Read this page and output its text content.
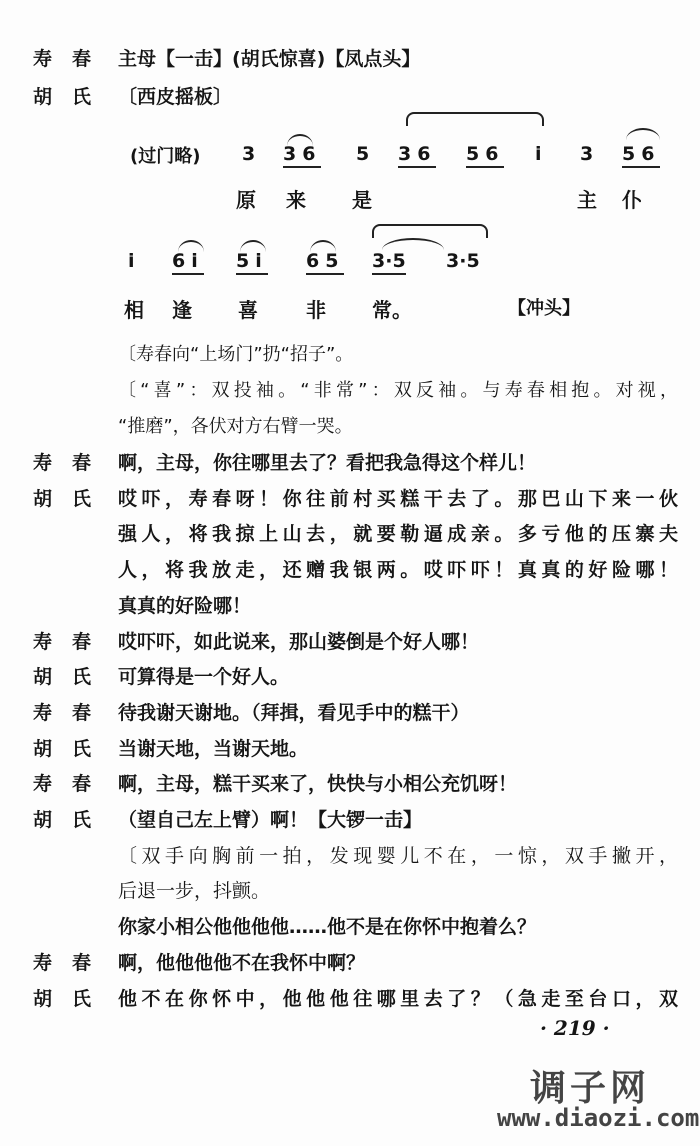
寿春 主母【一击】(胡氏惊喜)【凤点头】
胡氏 〔西皮摇板〕
(过门略) 3 36 5 36 56 i 3 56
原 来 是	主 仆
i 6i 5i 65 3·5 3·5
相 逢 喜 非 常。	【冲头】
〔寿春向“上场门”扔“招子”。
〔“喜”：双投袖。“非常”：双反袖。与寿春相抱。对视，
“推磨”，各伏对方右臂一哭。
寿春 啊，主母，你往哪里去了？看把我急得这个样儿！
胡氏 哎吓，寿春呀！你往前村买糕干去了。那巴山下来一伙
强人，将我掠上山去，就要勒逼成亲。多亏他的压寨夫
人，将我放走，还赠我银两。哎吓吓！真真的好险哪！
真真的好险哪！
寿春 哎吓吓，如此说来，那山婆倒是个好人哪！
胡氏 可算得是一个好人。
寿春 待我谢天谢地。（拜揖，看见手中的糕干）
胡氏 当谢天地，当谢天地。
寿春 啊，主母，糕干买来了，快快与小相公充饥呀！
胡氏 （望自己左上臂）啊！【大锣一击】
〔双手向胸前一拍，发现婴儿不在，一惊，双手撇开，
后退一步，抖颤。
你家小相公他他他他……他不是在你怀中抱着么？
寿春 啊，他他他他不在我怀中啊？
胡氏 他不在你怀中，他他他往哪里去了？（急走至台口，双
· 219 ·
调子网
www.diaozi.com
